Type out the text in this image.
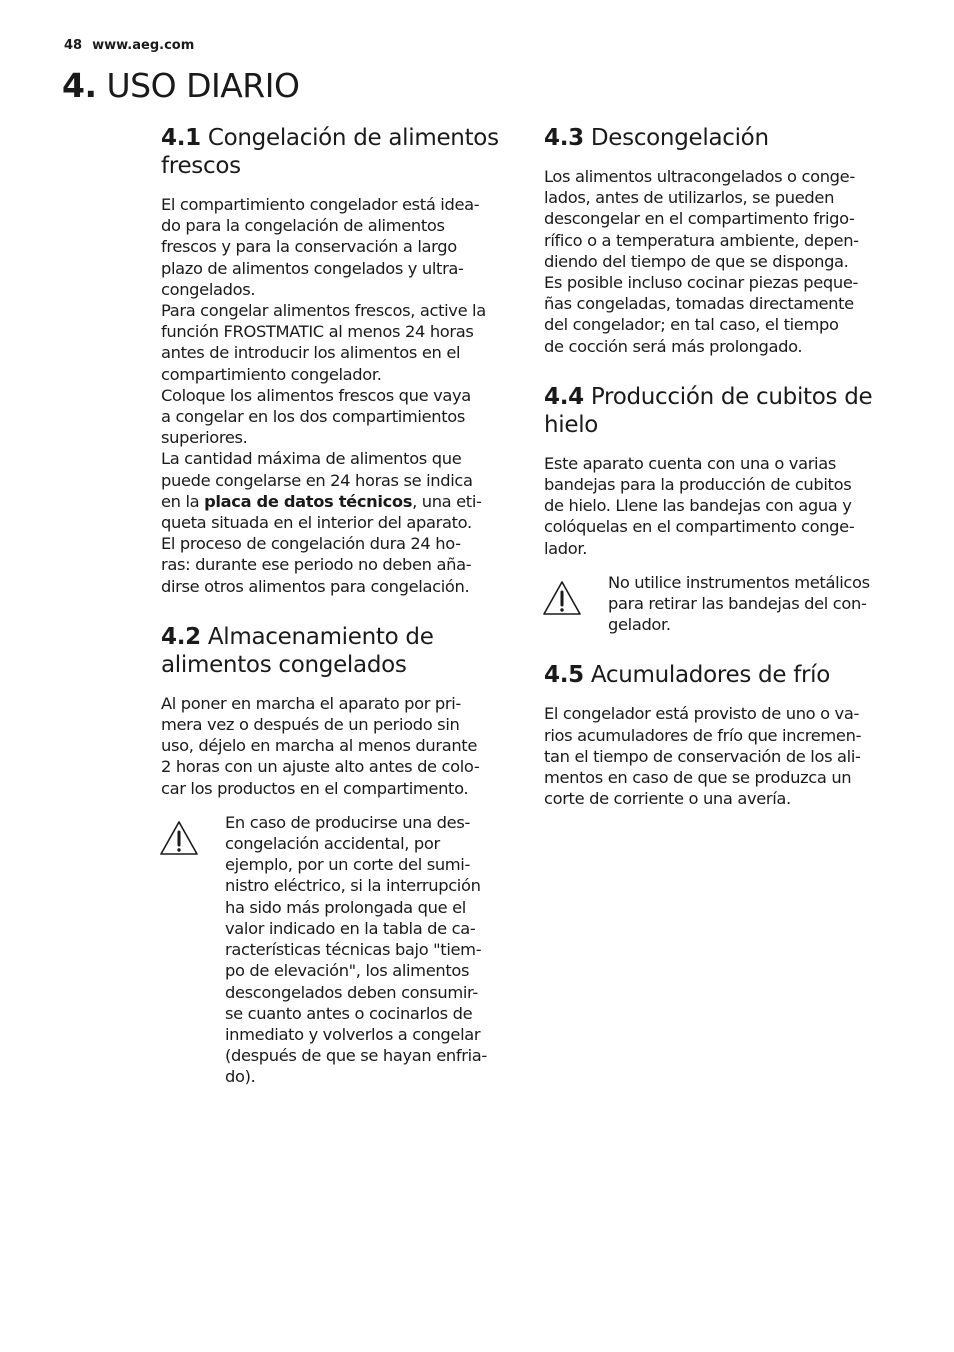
48 www.aeg.com
4. USO DIARIO
4.1 Congelación de alimentos
frescos

El compartimiento congelador está idea-
do para la congelación de alimentos
frescos y para la conservación a largo
plazo de alimentos congelados y ultra-
congelados.
Para congelar alimentos frescos, active la
función FROSTMATIC al menos 24 horas
antes de introducir los alimentos en el
compartimiento congelador.
Coloque los alimentos frescos que vaya
a congelar en los dos compartimientos
superiores.
La cantidad máxima de alimentos que
puede congelarse en 24 horas se indica
en la placa de datos técnicos, una eti-
queta situada en el interior del aparato.
El proceso de congelación dura 24 ho-
ras: durante ese periodo no deben aña-
dirse otros alimentos para congelación.

4.2 Almacenamiento de
alimentos congelados

Al poner en marcha el aparato por pri-
mera vez o después de un periodo sin
uso, déjelo en marcha al menos durante
2 horas con un ajuste alto antes de colo-
car los productos en el compartimento.

En caso de producirse una des-
congelación accidental, por
ejemplo, por un corte del sumi-
nistro eléctrico, si la interrupción
ha sido más prolongada que el
valor indicado en la tabla de ca-
racterísticas técnicas bajo "tiem-
po de elevación", los alimentos
descongelados deben consumir-
se cuanto antes o cocinarlos de
inmediato y volverlos a congelar
(después de que se hayan enfria-
do).

4.3 Descongelación

Los alimentos ultracongelados o conge-
lados, antes de utilizarlos, se pueden
descongelar en el compartimento frigo-
rífico o a temperatura ambiente, depen-
diendo del tiempo de que se disponga.
Es posible incluso cocinar piezas peque-
ñas congeladas, tomadas directamente
del congelador; en tal caso, el tiempo
de cocción será más prolongado.

4.4 Producción de cubitos de
hielo

Este aparato cuenta con una o varias
bandejas para la producción de cubitos
de hielo. Llene las bandejas con agua y
colóquelas en el compartimento conge-
lador.

No utilice instrumentos metálicos
para retirar las bandejas del con-
gelador.

4.5 Acumuladores de frío

El congelador está provisto de uno o va-
rios acumuladores de frío que incremen-
tan el tiempo de conservación de los ali-
mentos en caso de que se produzca un
corte de corriente o una avería.
